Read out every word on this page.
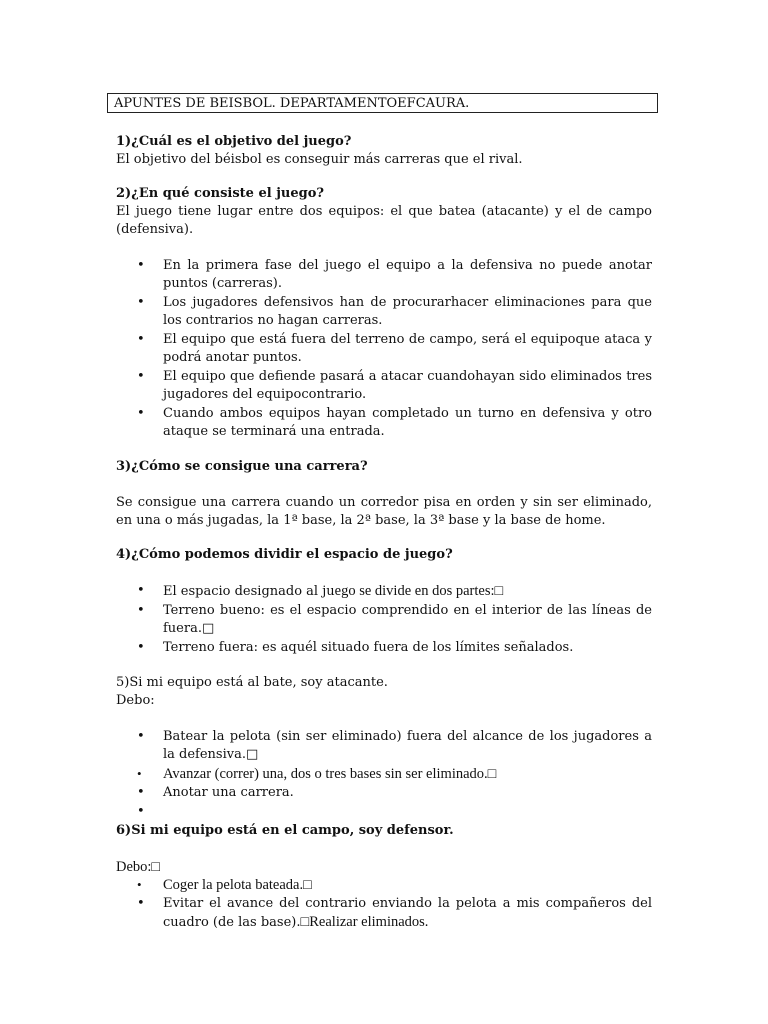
APUNTES DE BEISBOL. DEPARTAMENTOEFCAURA.
1)¿Cuál es el objetivo del juego?

El objetivo del béisbol es conseguir más carreras que el rival.

2)¿En qué consiste el juego?

El juego tiene lugar entre dos equipos: el que batea (atacante) y el de campo (defensiva).

• En la primera fase del juego el equipo a la defensiva no puede anotar puntos (carreras).
• Los jugadores defensivos han de procurarhacer eliminaciones para que los contrarios no hagan carreras.
• El equipo que está fuera del terreno de campo, será el equipoque ataca y podrá anotar puntos.
• El equipo que defiende pasará a atacar cuandohayan sido eliminados tres jugadores del equipocontrario.
• Cuando ambos equipos hayan completado un turno en defensiva y otro ataque se terminará una entrada.
3)¿Cómo se consigue una carrera?

Se consigue una carrera cuando un corredor pisa en orden y sin ser eliminado, en una o más jugadas, la 1ª base, la 2ª base, la 3ª base y la base de home.

4)¿Cómo podemos dividir el espacio de juego?
• El espacio designado al juego se divide en dos partes:□
• Terreno bueno: es el espacio comprendido en el interior de las líneas de fuera.□
• Terreno fuera: es aquél situado fuera de los límites señalados.

5)Si mi equipo está al bate, soy atacante.

Debo:

• Batear la pelota (sin ser eliminado) fuera del alcance de los jugadores a la defensiva.□
• Avanzar (correr) una, dos o tres bases sin ser eliminado.□
• Anotar una carrera.
•
6)Si mi equipo está en el campo, soy defensor.

Debo:□

• Coger la pelota bateada.□
• Evitar el avance del contrario enviando la pelota a mis compañeros del cuadro (de las base).□Realizar eliminados.
